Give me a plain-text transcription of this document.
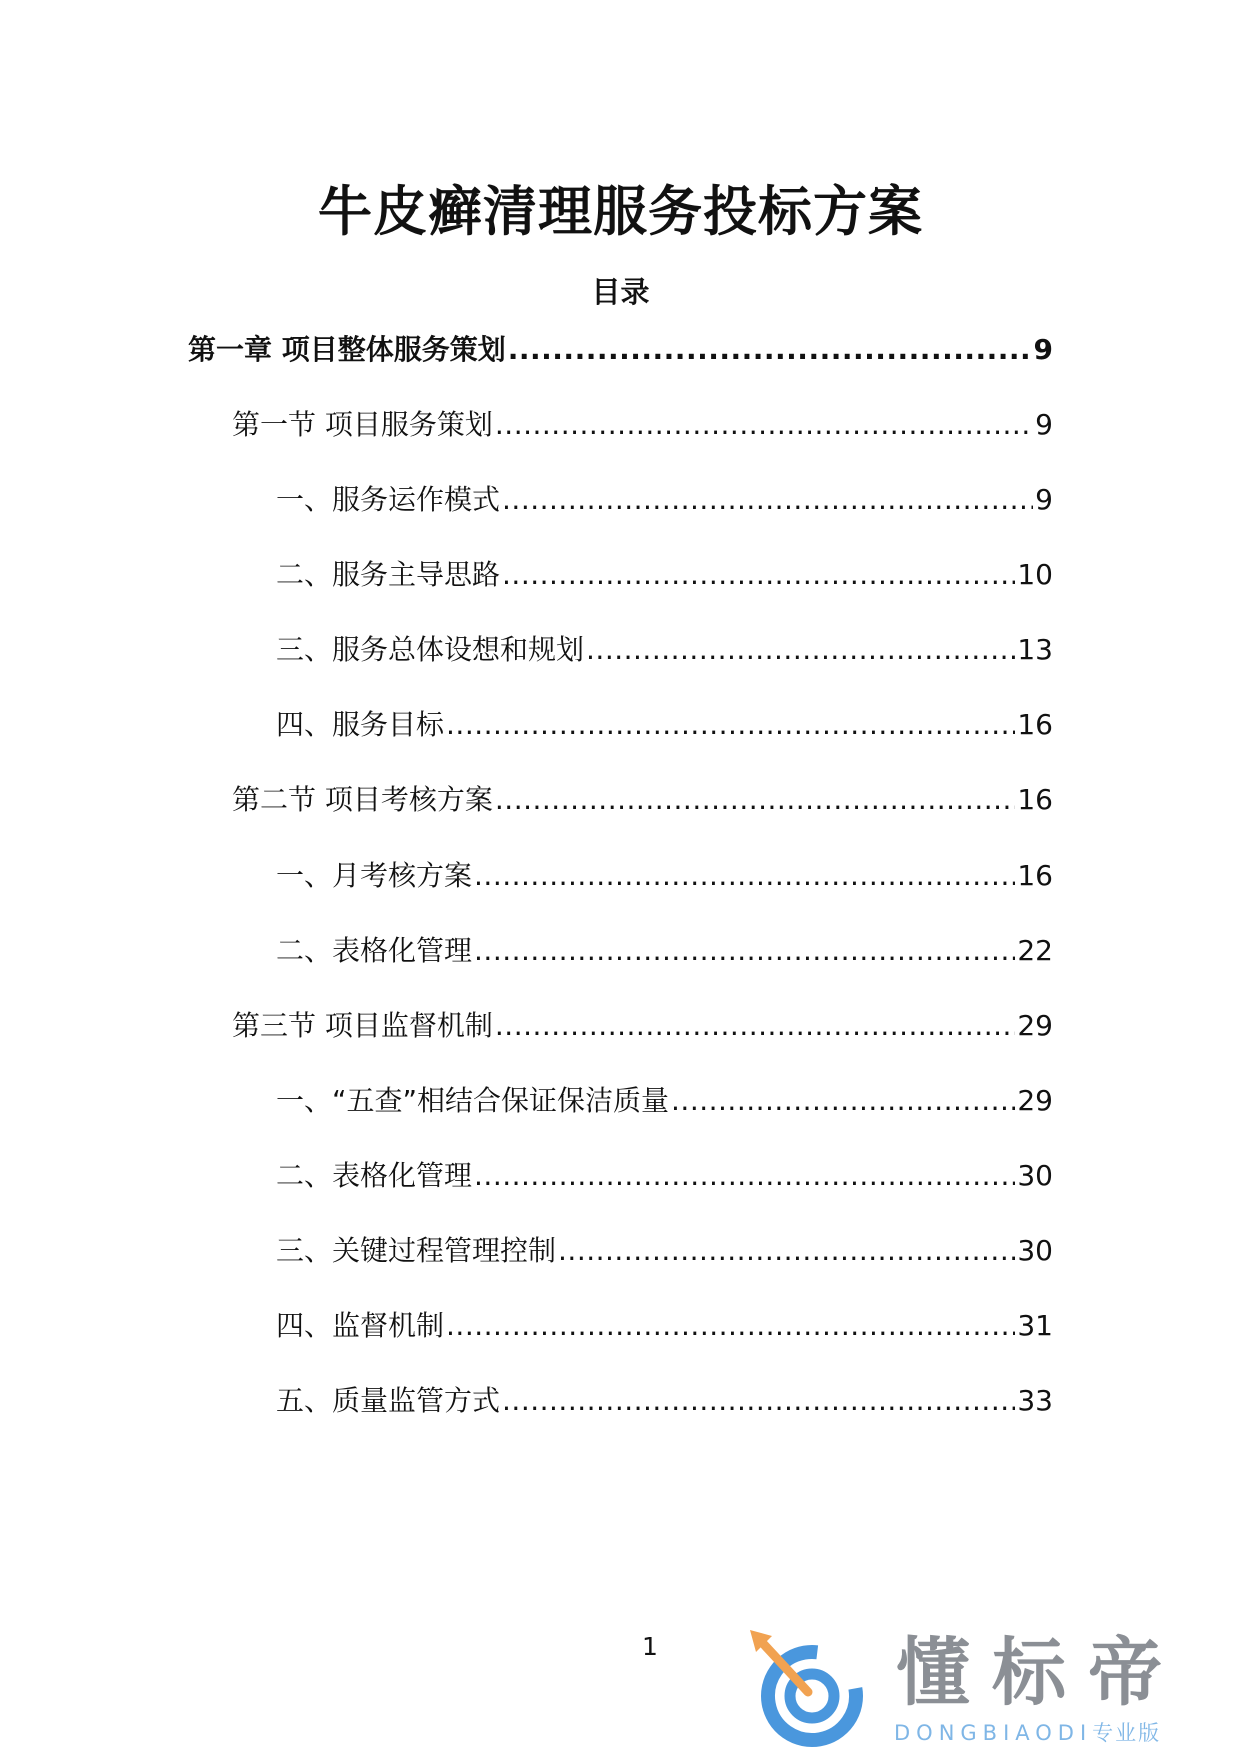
牛皮癣清理服务投标方案
目录
第一章 项目整体服务策划 .....	9
第一节 项目服务策划 .....	9
一、服务运作模式 .....	9
二、服务主导思路 .....	10
三、服务总体设想和规划 .....	13
四、服务目标 .....	16
第二节 项目考核方案 .....	16
一、月考核方案 .....	16
二、表格化管理 .....	22
第三节 项目监督机制 .....	29
一、“五查”相结合保证保洁质量 .....	29
二、表格化管理 .....	30
三、关键过程管理控制 .....	30
四、监督机制 .....	31
五、质量监管方式 .....	33
1	懂标帝
DONGBIAODI专业版
